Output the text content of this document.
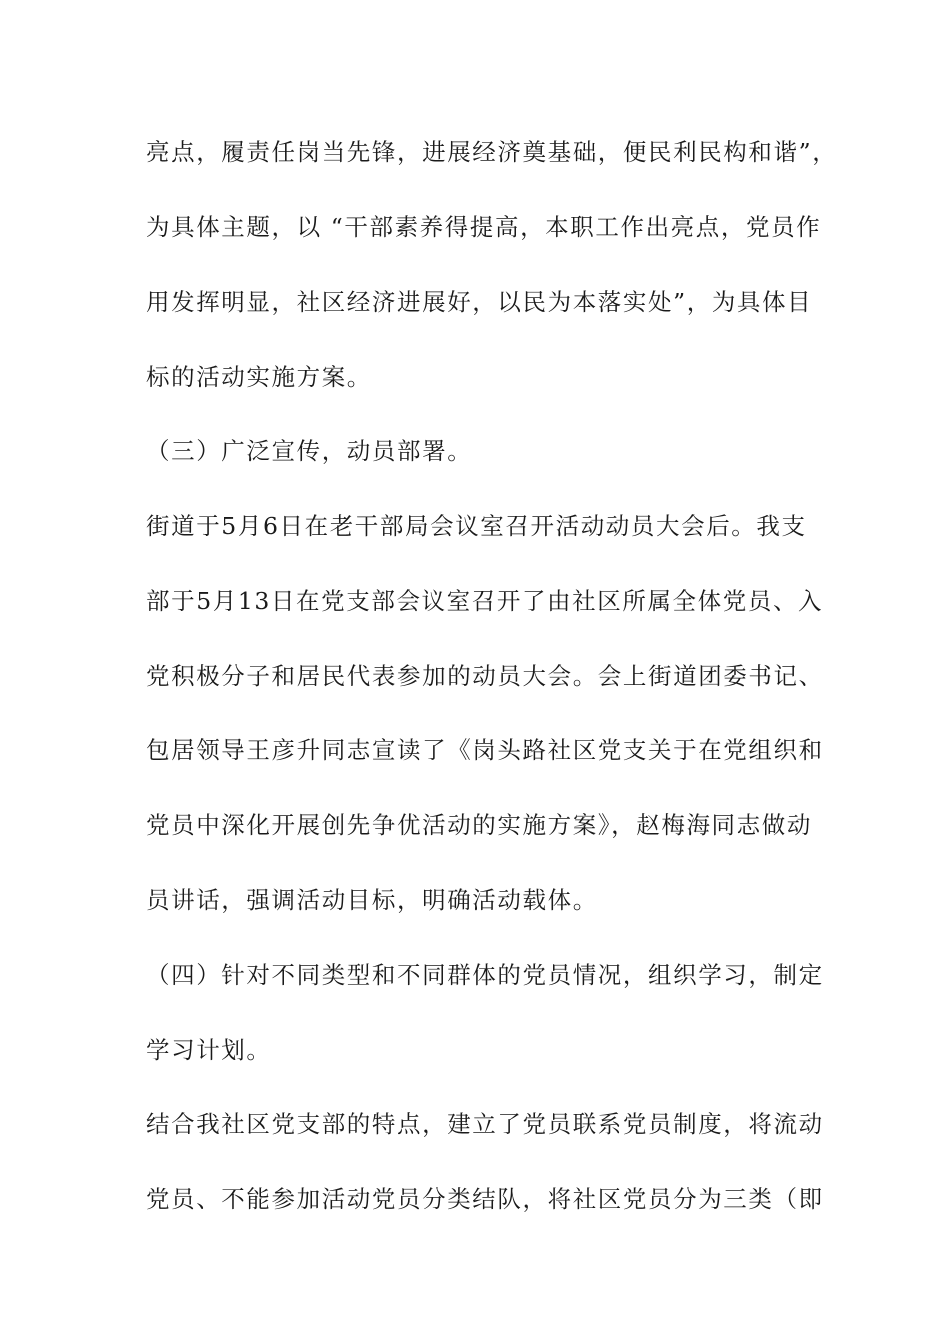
亮点，履责任岗当先锋，进展经济奠基础，便民利民构和谐”，
为具体主题，以 “干部素养得提高，本职工作出亮点，党员作
用发挥明显，社区经济进展好，以民为本落实处”，为具体目
标的活动实施方案。
（三）广泛宣传，动员部署。
街道于5月6日在老干部局会议室召开活动动员大会后。我支
部于5月13日在党支部会议室召开了由社区所属全体党员、入
党积极分子和居民代表参加的动员大会。会上街道团委书记、
包居领导王彦升同志宣读了《岗头路社区党支关于在党组织和
党员中深化开展创先争优活动的实施方案》，赵梅海同志做动
员讲话，强调活动目标，明确活动载体。
（四）针对不同类型和不同群体的党员情况，组织学习，制定
学习计划。
结合我社区党支部的特点，建立了党员联系党员制度，将流动
党员、不能参加活动党员分类结队，将社区党员分为三类（即
